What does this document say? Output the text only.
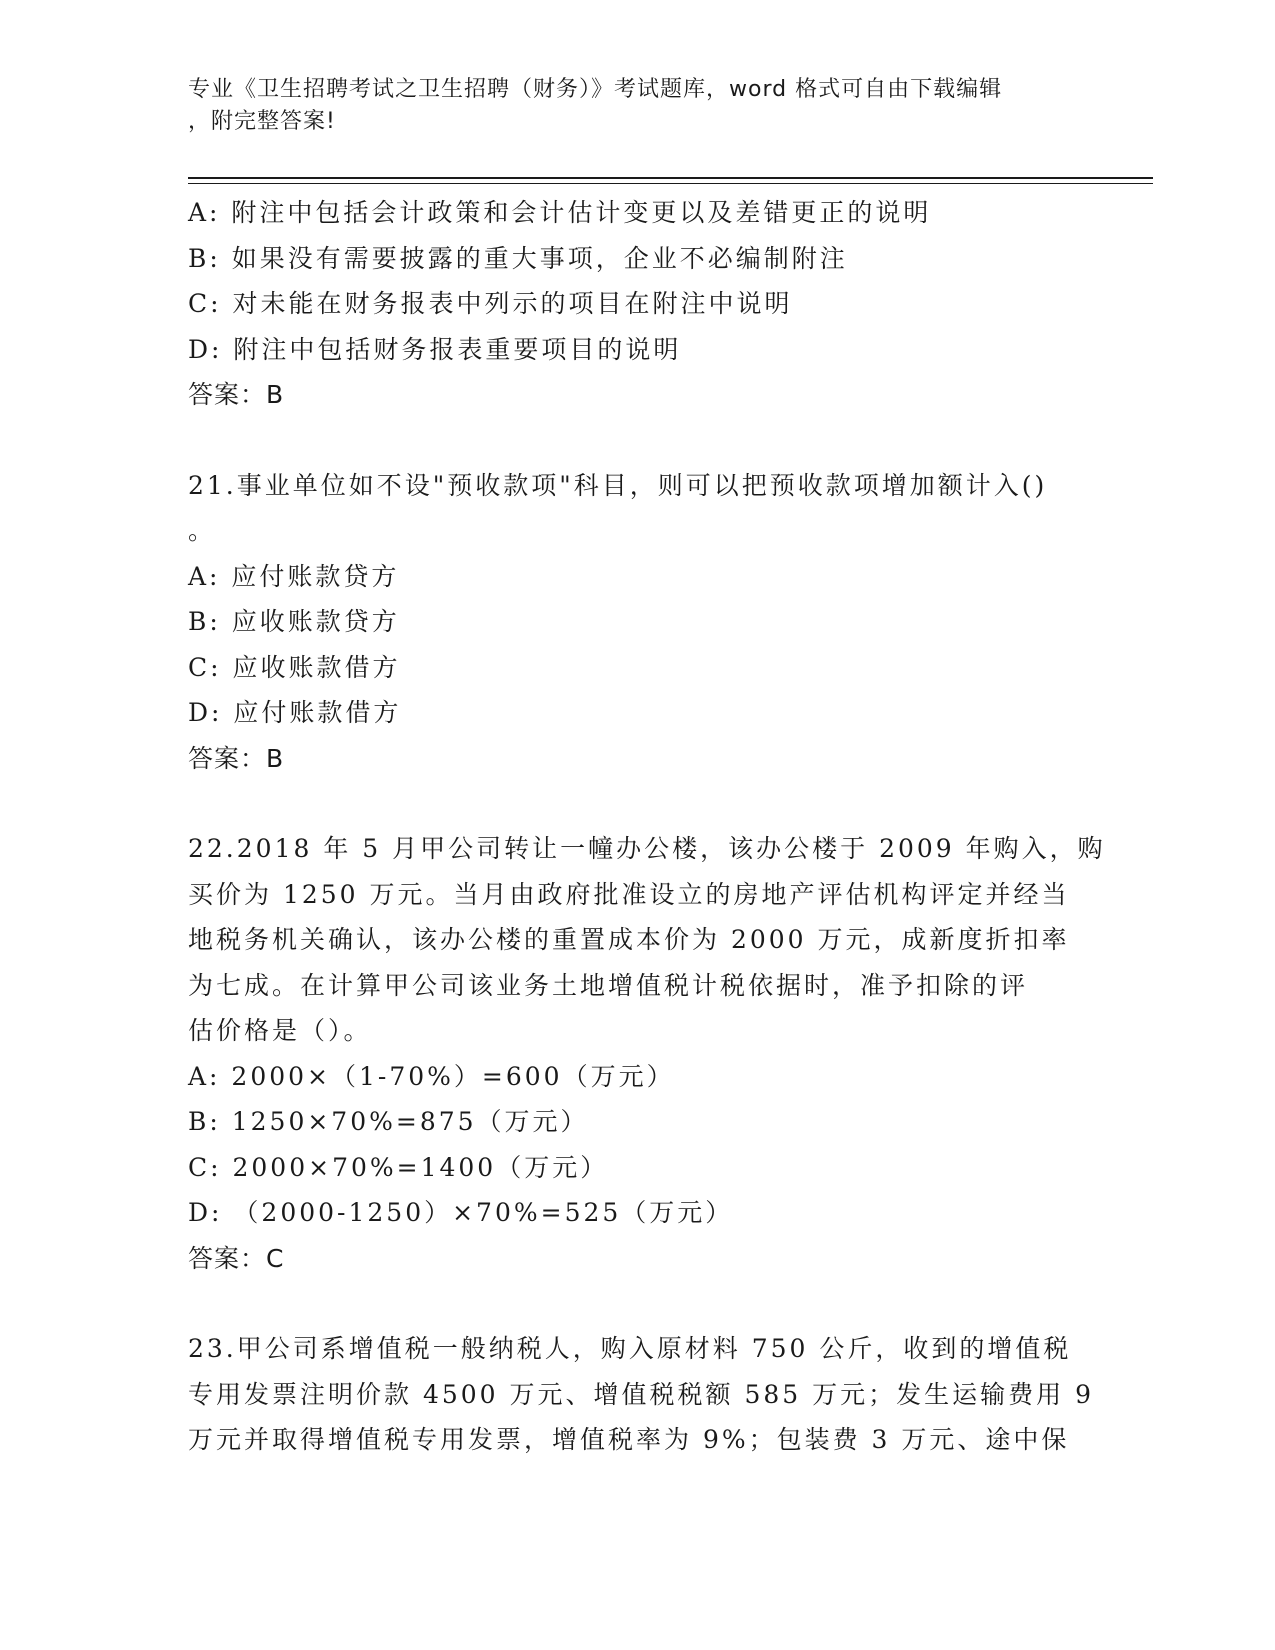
专业《卫生招聘考试之卫生招聘（财务）》考试题库，word 格式可自由下载编辑
，附完整答案!
A: 附注中包括会计政策和会计估计变更以及差错更正的说明
B: 如果没有需要披露的重大事项，企业不必编制附注
C: 对未能在财务报表中列示的项目在附注中说明
D: 附注中包括财务报表重要项目的说明
答案：B
21.事业单位如不设"预收款项"科目，则可以把预收款项增加额计入()
。
A: 应付账款贷方
B: 应收账款贷方
C: 应收账款借方
D: 应付账款借方
答案：B
22.2018 年 5 月甲公司转让一幢办公楼，该办公楼于 2009 年购入，购
买价为 1250 万元。当月由政府批准设立的房地产评估机构评定并经当
地税务机关确认，该办公楼的重置成本价为 2000 万元，成新度折扣率
为七成。在计算甲公司该业务土地增值税计税依据时，准予扣除的评
估价格是（）。
A: 2000×（1-70%）=600（万元）
B: 1250×70%=875（万元）
C: 2000×70%=1400（万元）
D: （2000-1250）×70%=525（万元）
答案：C
23.甲公司系增值税一般纳税人，购入原材料 750 公斤，收到的增值税
专用发票注明价款 4500 万元、增值税税额 585 万元；发生运输费用 9
万元并取得增值税专用发票，增值税率为 9%；包装费 3 万元、途中保
